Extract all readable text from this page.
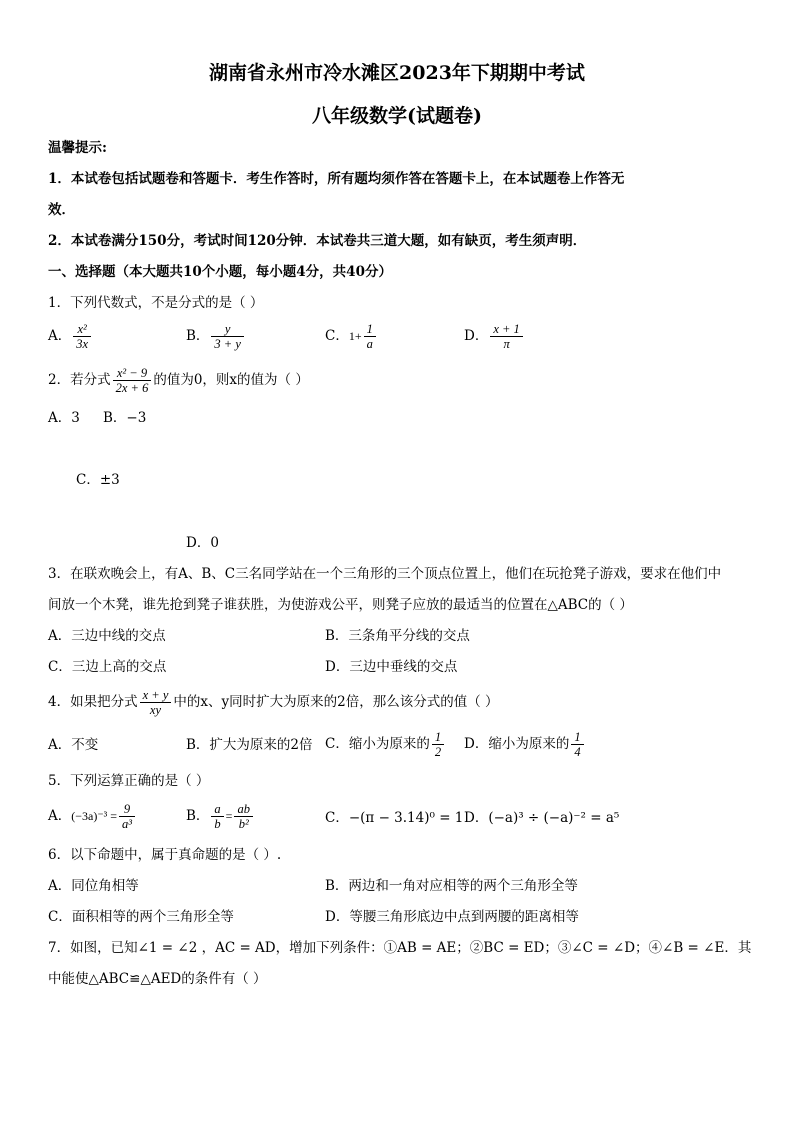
湖南省永州市冷水滩区2023年下期期中考试
八年级数学(试题卷)
温馨提示:
1．本试卷包括试题卷和答题卡．考生作答时，所有题均须作答在答题卡上，在本试题卷上作答无
效．
2．本试卷满分150分，考试时间120分钟．本试卷共三道大题，如有缺页，考生须声明．
一、选择题（本大题共10个小题，每小题4分，共40分）
1．下列代数式，不是分式的是（ ）
A． $\frac{\text{x²}}{3x}$	B． $\frac{y}{3 + y}$	C．$1+ \frac{1}{a}$	D． $\frac{x + 1}{\pi}$
2．若分式 $\frac{\text{x² − 9}}{2x + 6}$ 的值为0，则x的值为（ ）
A．3 B．−3
C．±3
D．0
3．在联欢晚会上，有A、B、C三名同学站在一个三角形的三个顶点位置上，他们在玩抢凳子游戏，要求在他们中
间放一个木凳，谁先抢到凳子谁获胜，为使游戏公平，则凳子应放的最适当的位置在△ABC的（ ）
A．三边中线的交点	B．三条角平分线的交点
C．三边上高的交点	D．三边中垂线的交点
4．如果把分式 $\frac{x + y}{xy}$ 中的x、y同时扩大为原来的2倍，那么该分式的值（ ）
A．不变	B．扩大为原来的2倍 C．缩小为原来的 $\frac{1}{2}$ D．缩小为原来的 $\frac{1}{4}$
5．下列运算正确的是（ ）
A．$(-3a)^{-3} = \frac{9}{\text{a³}}$	B． $\frac{a}{b} = \frac{ab}{\text{b²}}$	C．−(π − 3.14)⁰ = 1 D．(−a)³ ÷ (−a)⁻² = a⁵
6．以下命题中，属于真命题的是（ ）.
A．同位角相等	B．两边和一角对应相等的两个三角形全等
C．面积相等的两个三角形全等	D．等腰三角形底边中点到两腰的距离相等
7．如图，已知∠1 = ∠2 ，AC = AD，增加下列条件：①AB = AE；②BC = ED；③∠C = ∠D；④∠B = ∠E．其
中能使△ABC≌△AED的条件有（ ）
